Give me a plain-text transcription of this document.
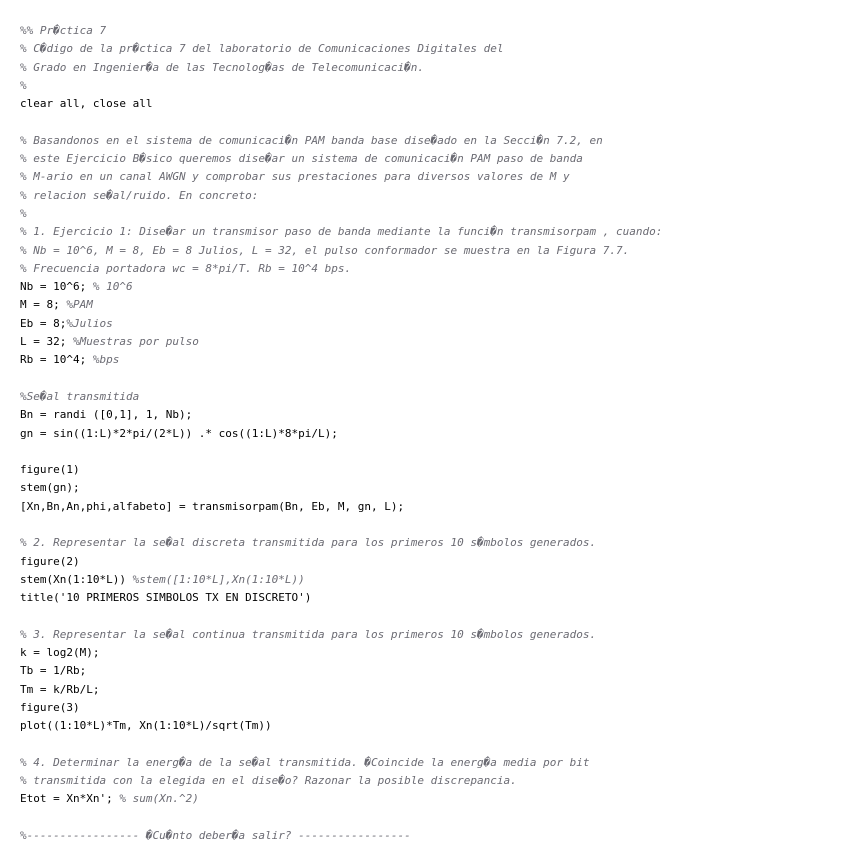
%% Pr�ctica 7
% C�digo de la pr�ctica 7 del laboratorio de Comunicaciones Digitales del
% Grado en Ingenier�a de las Tecnolog�as de Telecomunicaci�n.
%
clear all, close all
% Basandonos en el sistema de comunicaci�n PAM banda base dise�ado en la Secci�n 7.2, en
% este Ejercicio B�sico queremos dise�ar un sistema de comunicaci�n PAM paso de banda
% M-ario en un canal AWGN y comprobar sus prestaciones para diversos valores de M y
% relacion se�al/ruido. En concreto:
%
% 1. Ejercicio 1: Dise�ar un transmisor paso de banda mediante la funci�n transmisorpam , cuando:
% Nb = 10^6, M = 8, Eb = 8 Julios, L = 32, el pulso conformador se muestra en la Figura 7.7.
% Frecuencia portadora wc = 8*pi/T. Rb = 10^4 bps.
Nb = 10^6; % 10^6
M = 8; %PAM
Eb = 8;%Julios
L = 32; %Muestras por pulso
Rb = 10^4; %bps
%Se�al transmitida
Bn = randi ([0,1], 1, Nb);
gn = sin((1:L)*2*pi/(2*L)) .* cos((1:L)*8*pi/L);
figure(1)
stem(gn);
[Xn,Bn,An,phi,alfabeto] = transmisorpam(Bn, Eb, M, gn, L);
% 2. Representar la se�al discreta transmitida para los primeros 10 s�mbolos generados.
figure(2)
stem(Xn(1:10*L)) %stem([1:10*L],Xn(1:10*L))
title('10 PRIMEROS SIMBOLOS TX EN DISCRETO')
% 3. Representar la se�al continua transmitida para los primeros 10 s�mbolos generados.
k = log2(M);
Tb = 1/Rb;
Tm = k/Rb/L;
figure(3)
plot((1:10*L)*Tm, Xn(1:10*L)/sqrt(Tm))
% 4. Determinar la energ�a de la se�al transmitida. �Coincide la energ�a media por bit
% transmitida con la elegida en el dise�o? Razonar la posible discrepancia.
Etot = Xn*Xn'; % sum(Xn.^2)
%----------------- �Cu�nto deber�a salir? -----------------
